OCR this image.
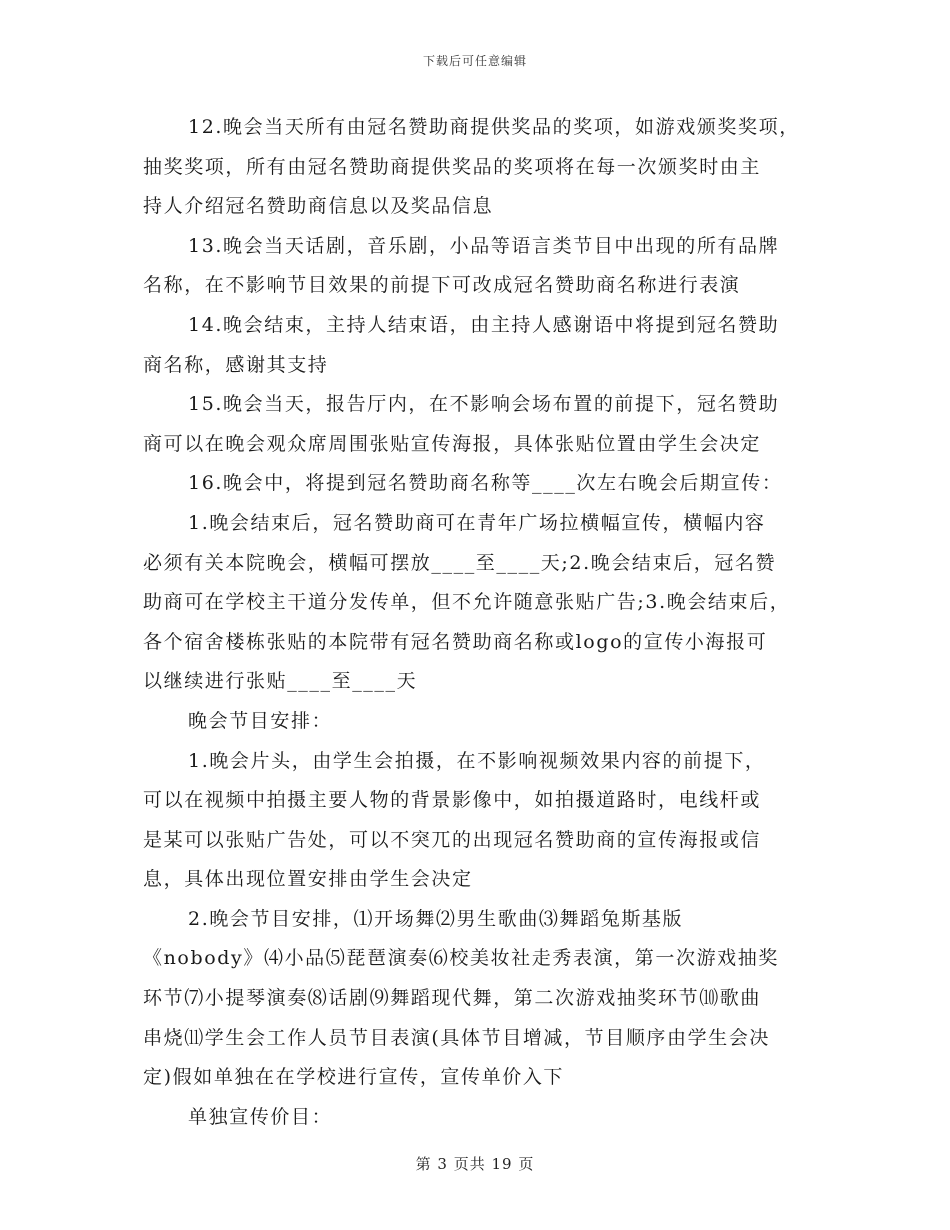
下载后可任意编辑
12.晚会当天所有由冠名赞助商提供奖品的奖项，如游戏颁奖奖项，
抽奖奖项，所有由冠名赞助商提供奖品的奖项将在每一次颁奖时由主
持人介绍冠名赞助商信息以及奖品信息
13.晚会当天话剧，音乐剧，小品等语言类节目中出现的所有品牌
名称，在不影响节目效果的前提下可改成冠名赞助商名称进行表演
14.晚会结束，主持人结束语，由主持人感谢语中将提到冠名赞助
商名称，感谢其支持
15.晚会当天，报告厅内，在不影响会场布置的前提下，冠名赞助
商可以在晚会观众席周围张贴宣传海报，具体张贴位置由学生会决定
16.晚会中，将提到冠名赞助商名称等____次左右晚会后期宣传：
1.晚会结束后，冠名赞助商可在青年广场拉横幅宣传，横幅内容
必须有关本院晚会，横幅可摆放____至____天;2.晚会结束后，冠名赞
助商可在学校主干道分发传单，但不允许随意张贴广告;3.晚会结束后，
各个宿舍楼栋张贴的本院带有冠名赞助商名称或logo的宣传小海报可
以继续进行张贴____至____天
晚会节目安排：
1.晚会片头，由学生会拍摄，在不影响视频效果内容的前提下，
可以在视频中拍摄主要人物的背景影像中，如拍摄道路时，电线杆或
是某可以张贴广告处，可以不突兀的出现冠名赞助商的宣传海报或信
息，具体出现位置安排由学生会决定
2.晚会节目安排，⑴开场舞⑵男生歌曲⑶舞蹈兔斯基版
《nobody》⑷小品⑸琵琶演奏⑹校美妆社走秀表演，第一次游戏抽奖
环节⑺小提琴演奏⑻话剧⑼舞蹈现代舞，第二次游戏抽奖环节⑽歌曲
串烧⑾学生会工作人员节目表演(具体节目增减，节目顺序由学生会决
定)假如单独在在学校进行宣传，宣传单价入下
单独宣传价目：
第 3 页共 19 页
